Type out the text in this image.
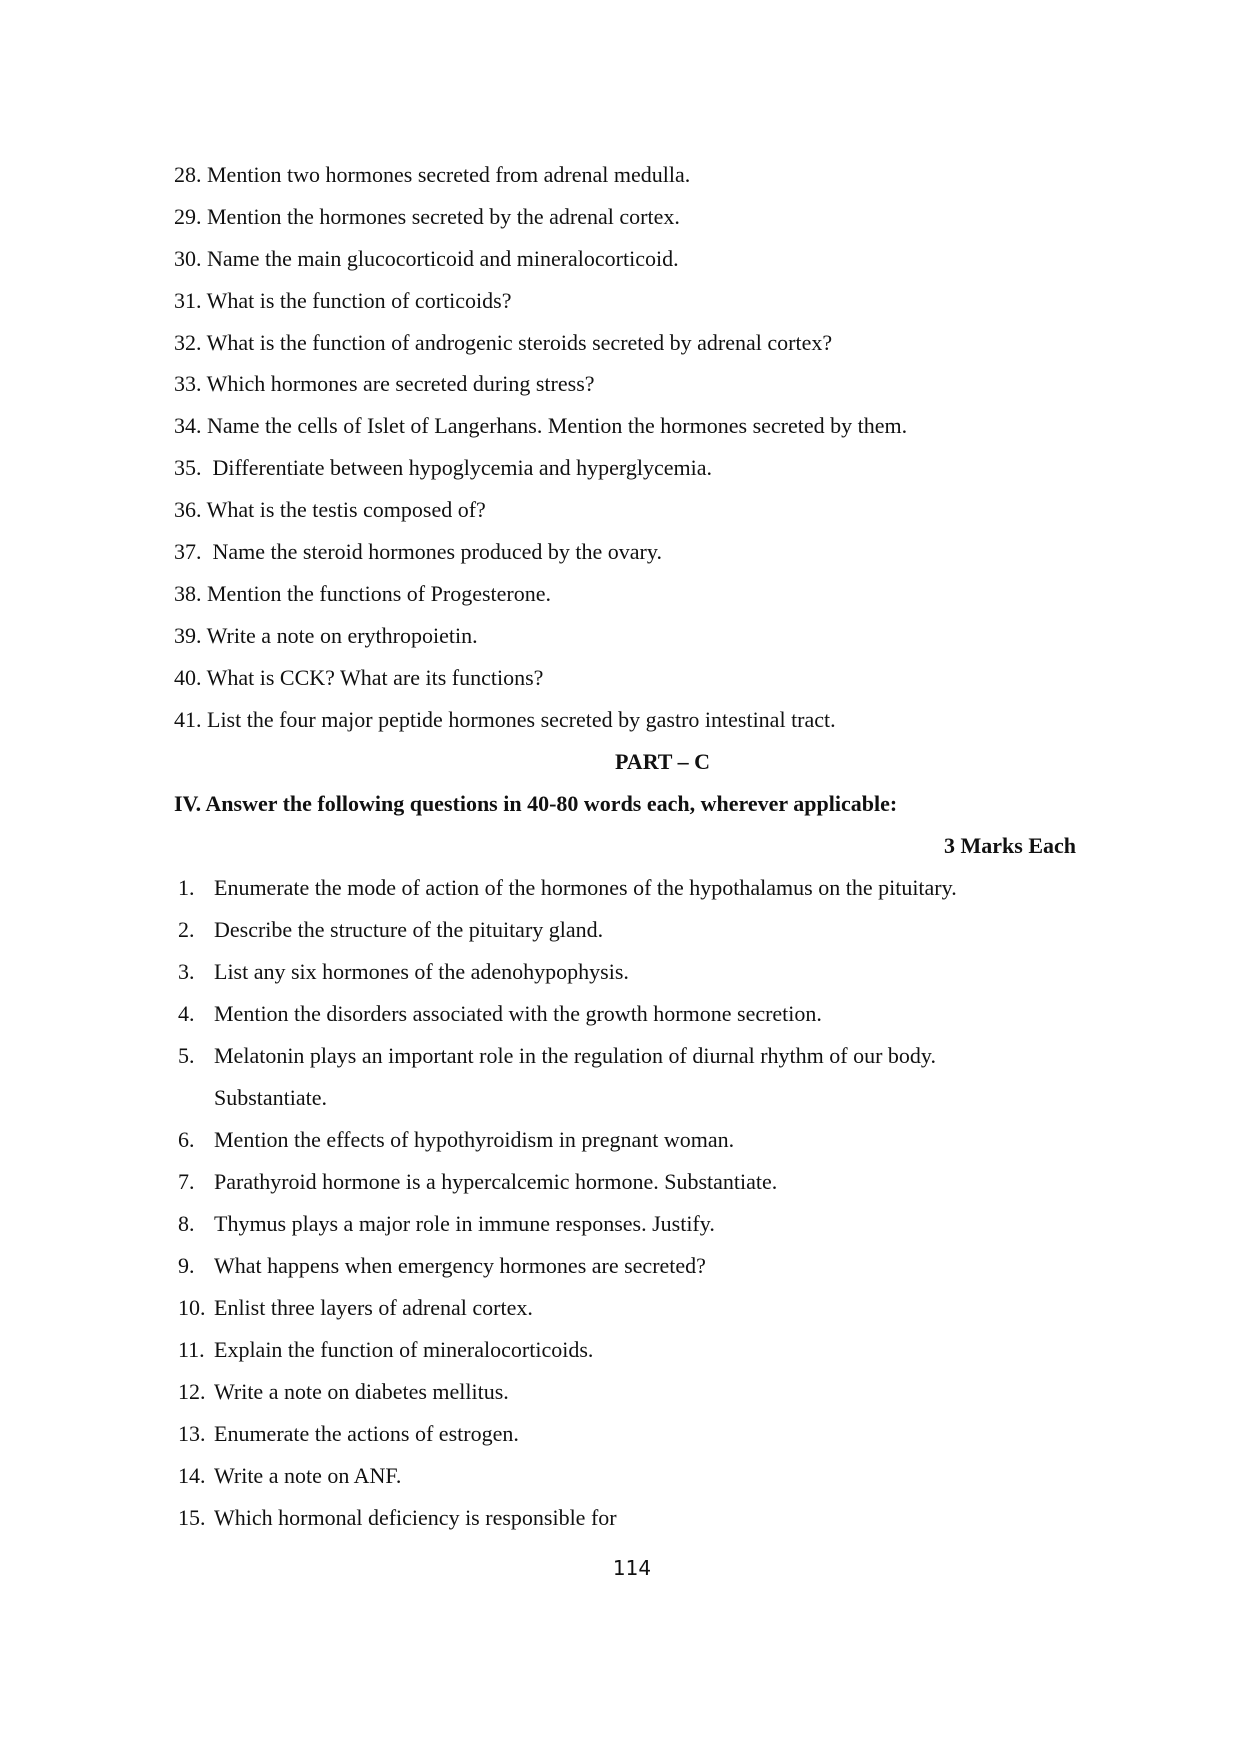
28. Mention two hormones secreted from adrenal medulla.
29. Mention the hormones secreted by the adrenal cortex.
30. Name the main glucocorticoid and mineralocorticoid.
31. What is the function of corticoids?
32. What is the function of androgenic steroids secreted by adrenal cortex?
33. Which hormones are secreted during stress?
34. Name the cells of Islet of Langerhans. Mention the hormones secreted by them.
35.  Differentiate between hypoglycemia and hyperglycemia.
36. What is the testis composed of?
37.  Name the steroid hormones produced by the ovary.
38. Mention the functions of Progesterone.
39. Write a note on erythropoietin.
40. What is CCK? What are its functions?
41. List the four major peptide hormones secreted by gastro intestinal tract.
PART – C
IV. Answer the following questions in 40-80 words each, wherever applicable:
3 Marks Each
1. Enumerate the mode of action of the hormones of the hypothalamus on the pituitary.
2. Describe the structure of the pituitary gland.
3. List any six hormones of the adenohypophysis.
4. Mention the disorders associated with the growth hormone secretion.
5. Melatonin plays an important role in the regulation of diurnal rhythm of our body.
Substantiate.
6. Mention the effects of hypothyroidism in pregnant woman.
7. Parathyroid hormone is a hypercalcemic hormone. Substantiate.
8. Thymus plays a major role in immune responses. Justify.
9. What happens when emergency hormones are secreted?
10. Enlist three layers of adrenal cortex.
11. Explain the function of mineralocorticoids.
12. Write a note on diabetes mellitus.
13. Enumerate the actions of estrogen.
14. Write a note on ANF.
15. Which hormonal deficiency is responsible for
114
